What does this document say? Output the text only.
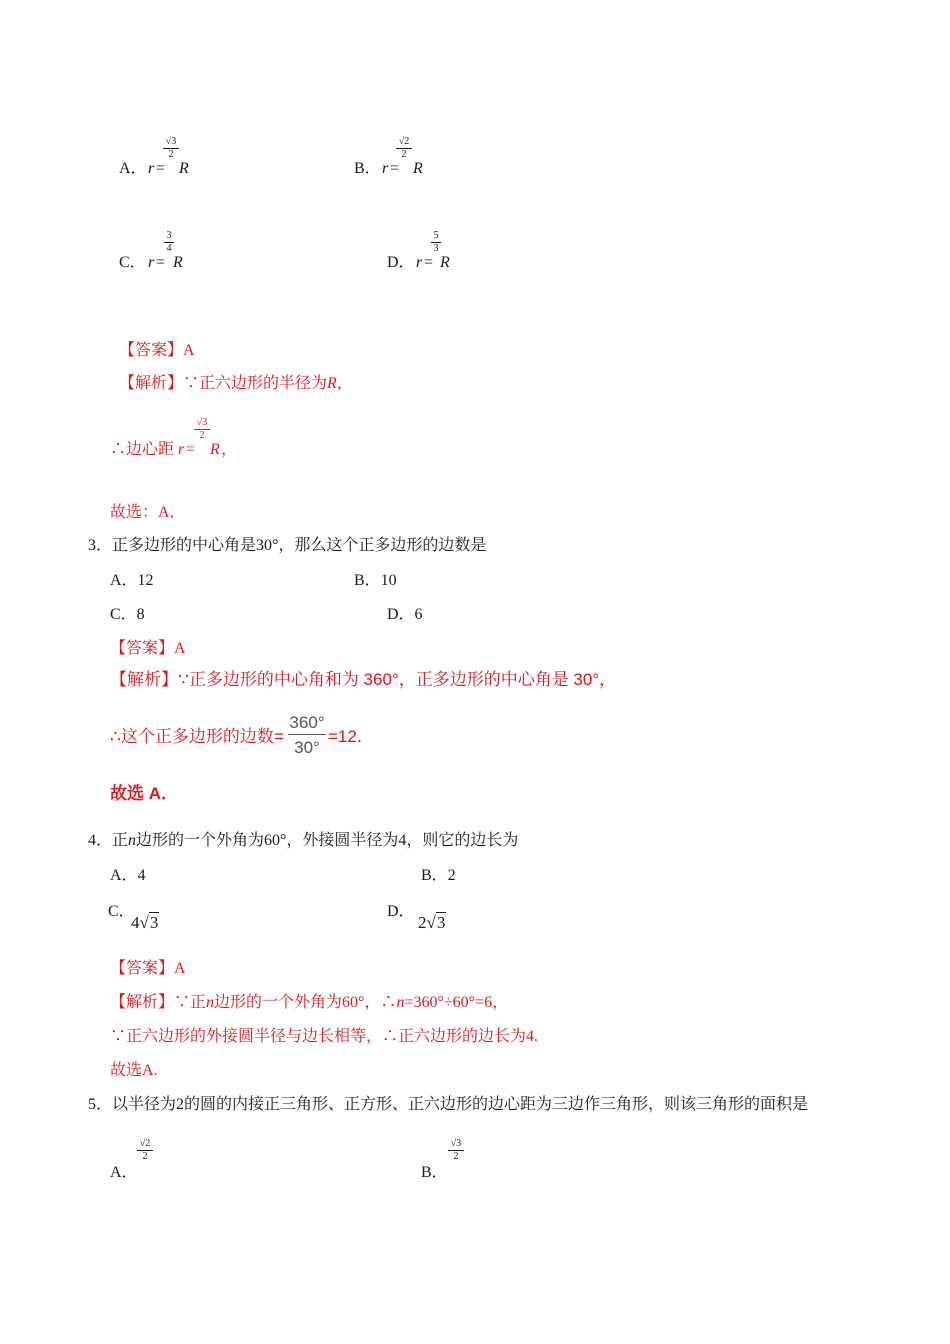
A． r =
√3
2
R	B． r =
√2
2
R
C． r =
3
4
R	D． r =
5
3
R
【答案】A
【解析】∵正六边形的半径为R，
∴边心距 r =
√3
2
R ，
故选：A．
3．正多边形的中心角是30°，那么这个正多边形的边数是
A．12	B．10
C．8	D．6
【答案】A
【解析】∵正多边形的中心角和为 360°，正多边形的中心角是 30°，
∴这个正多边形的边数=
360°
30°
=12．
故选 A．
4．正n边形的一个外角为60°，外接圆半径为4，则它的边长为
A．4	B．2
C．
4√3
D．
2√3
【答案】A
【解析】∵正n边形的一个外角为60°，∴n=360°÷60°=6，
∵正六边形的外接圆半径与边长相等，∴正六边形的边长为4.
故选A.
5．以半径为2的圆的内接正三角形、正方形、正六边形的边心距为三边作三角形，则该三角形的面积是
A．
√2
2
B．
√3
2
